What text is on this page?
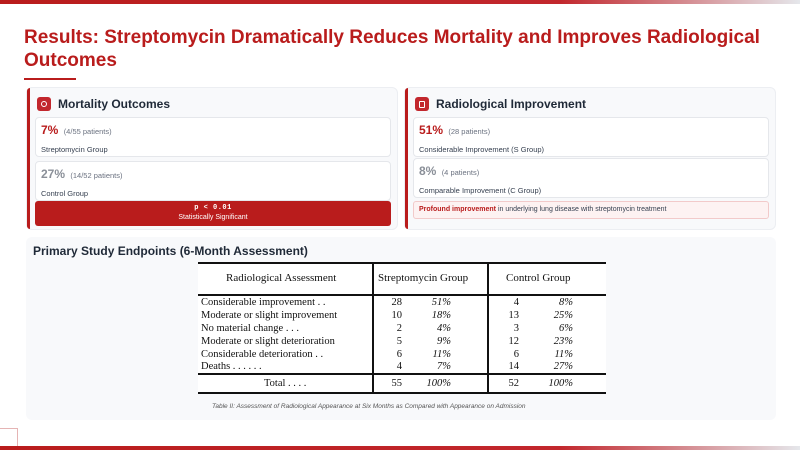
Results: Streptomycin Dramatically Reduces Mortality and Improves Radiological Outcomes
Mortality Outcomes
7% (4/55 patients)
Streptomycin Group
27% (14/52 patients)
Control Group
p < 0.01
Statistically Significant
Radiological Improvement
51% (28 patients)
Considerable Improvement (S Group)
8% (4 patients)
Comparable Improvement (C Group)
Profound improvement in underlying lung disease with streptomycin treatment
Primary Study Endpoints (6-Month Assessment)
Radiological Assessment	Streptomycin Group	Control Group
Considerable improvement . .	28	51%	4	8%
Moderate or slight improvement	10	18%	13	25%
No material change . . .	2	4%	3	6%
Moderate or slight deterioration	5	9%	12	23%
Considerable deterioration . .	6	11%	6	11%
Deaths . . . . . .	4	7%	14	27%
Total . . . .	55	100%	52	100%
Table II: Assessment of Radiological Appearance at Six Months as Compared with Appearance on Admission
